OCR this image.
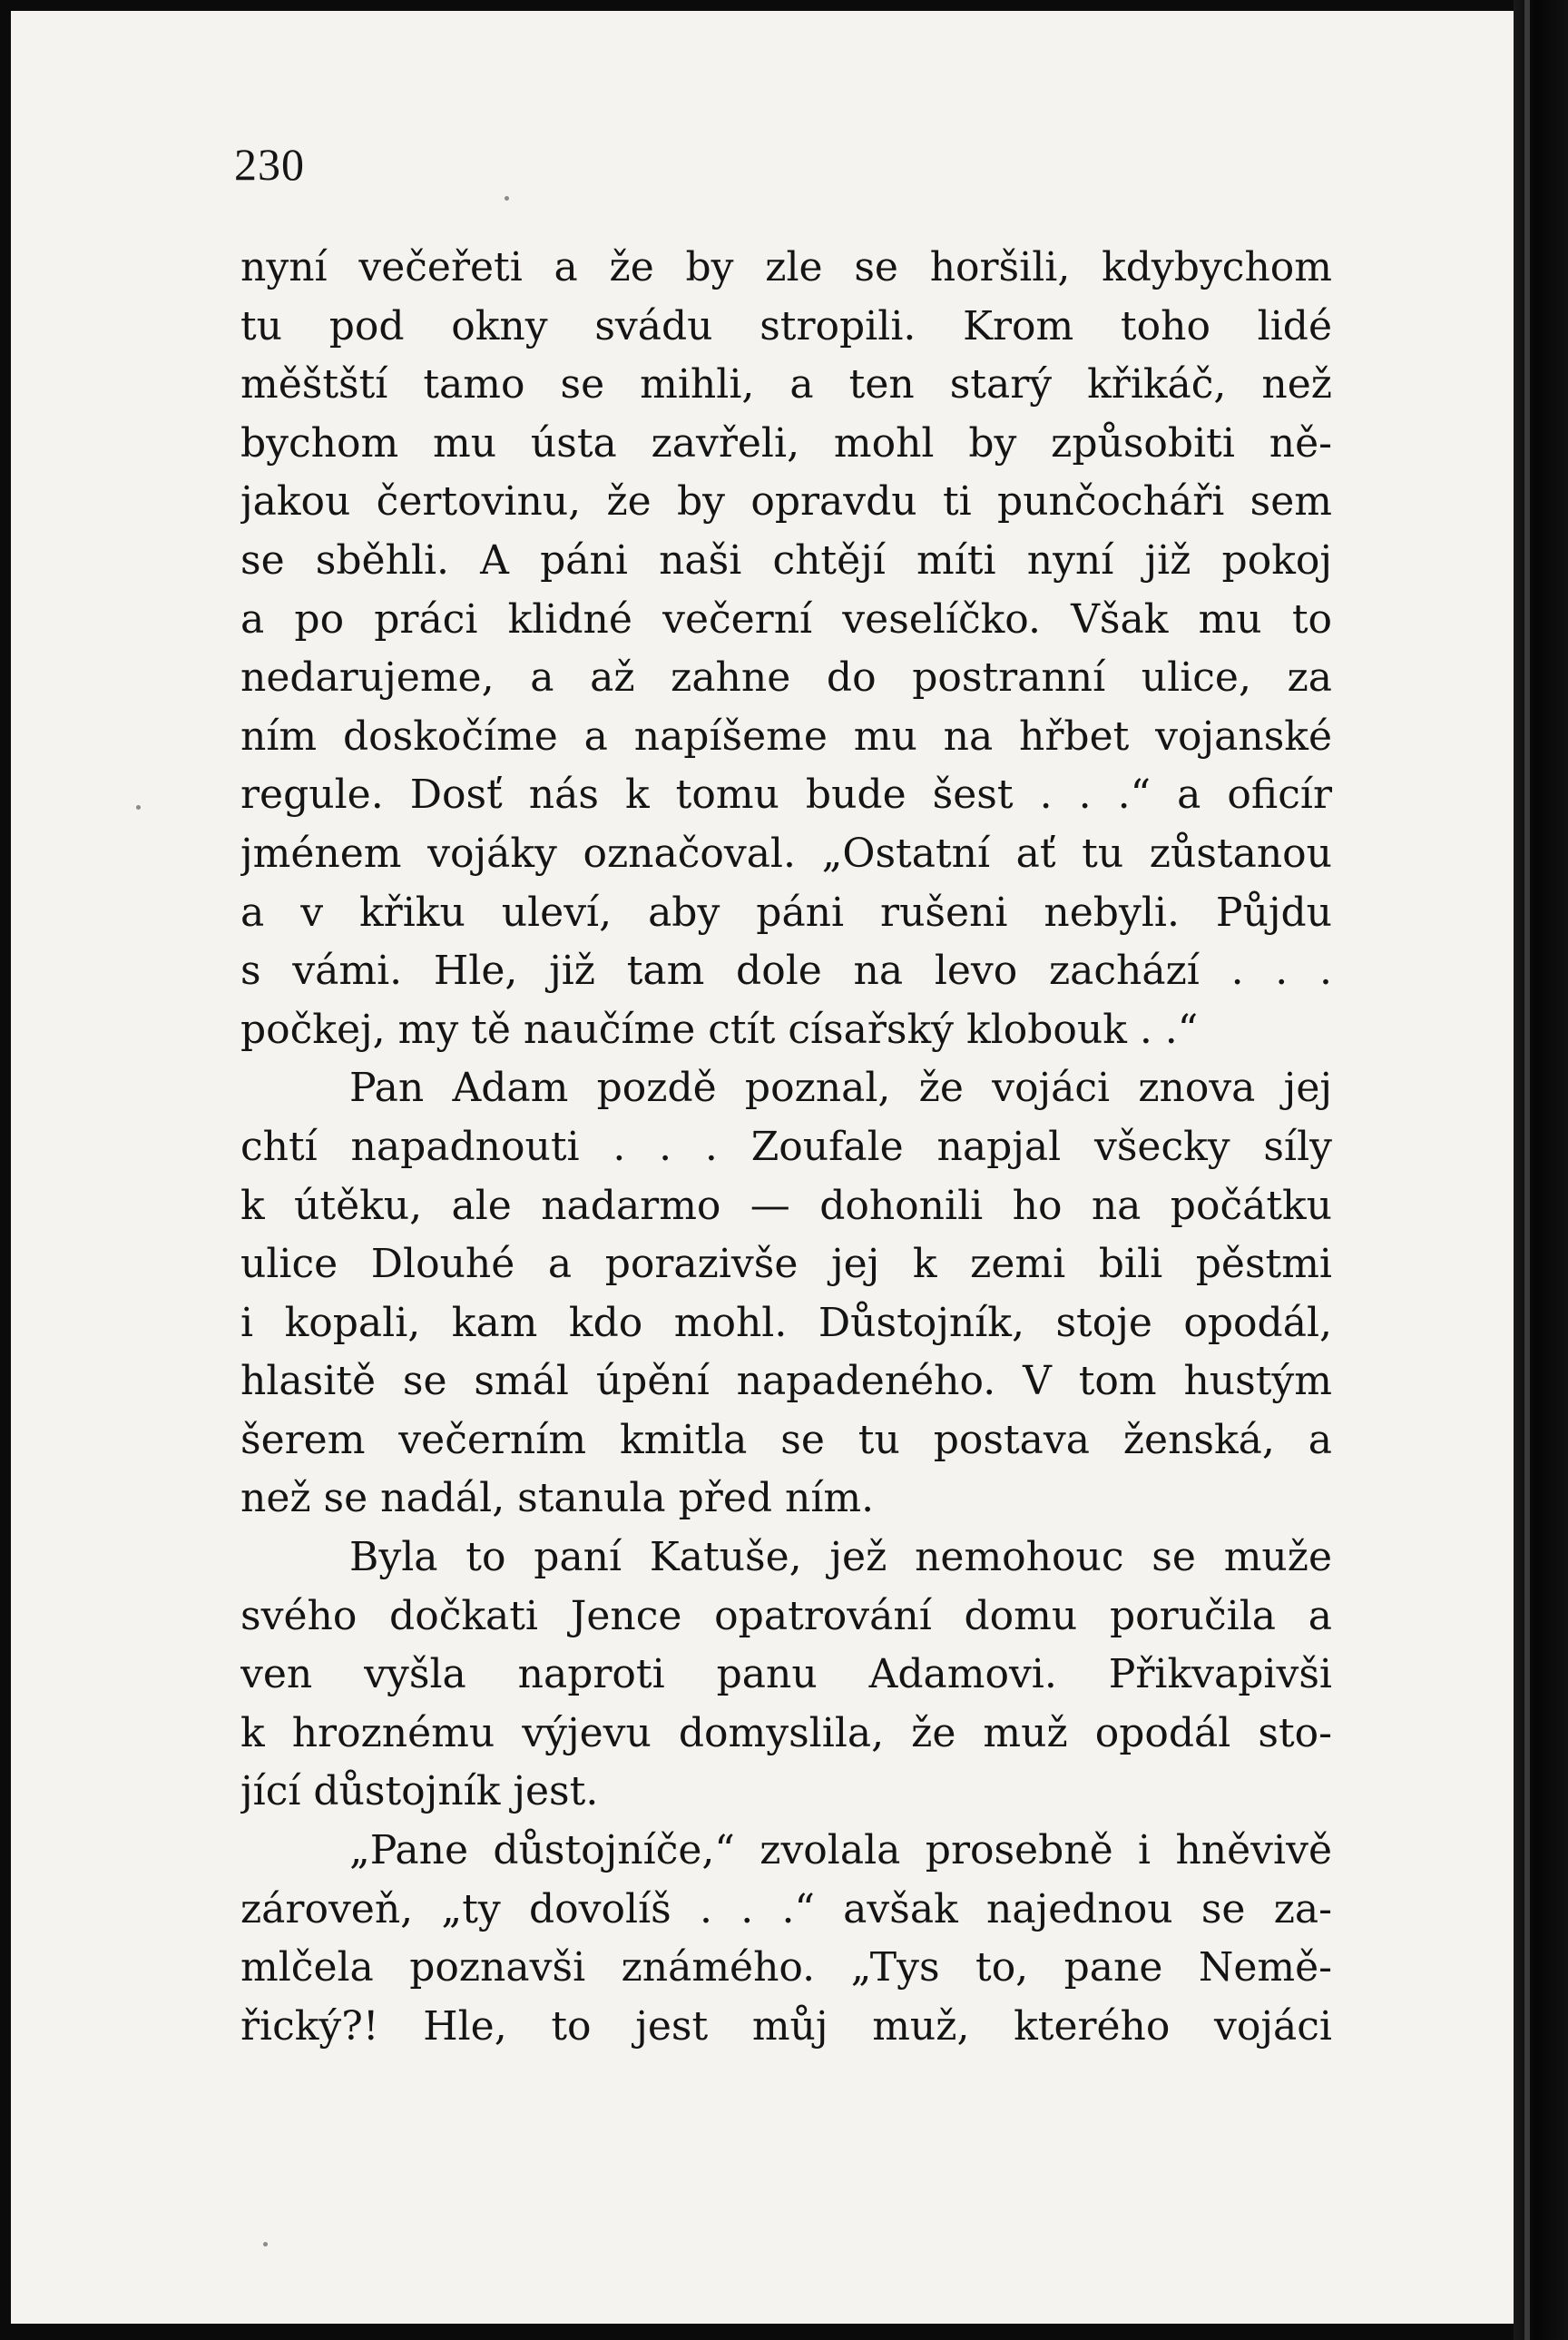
230
nyní večeřeti a že by zle se horšili, kdybychom
tu pod okny svádu stropili. Krom toho lidé
měštští tamo se mihli, a ten starý křikáč, než
bychom mu ústa zavřeli, mohl by způsobiti ně-
jakou čertovinu, že by opravdu ti punčocháři sem
se sběhli. A páni naši chtějí míti nyní již pokoj
a po práci klidné večerní veselíčko. Však mu to
nedarujeme, a až zahne do postranní ulice, za
ním doskočíme a napíšeme mu na hřbet vojanské
regule. Dosť nás k tomu bude šest . . .“ a oficír
jménem vojáky označoval. „Ostatní ať tu zůstanou
a v křiku uleví, aby páni rušeni nebyli. Půjdu
s vámi. Hle, již tam dole na levo zachází . . .
počkej, my tě naučíme ctít císařský klobouk . .“
Pan Adam pozdě poznal, že vojáci znova jej
chtí napadnouti . . . Zoufale napjal všecky síly
k útěku, ale nadarmo — dohonili ho na počátku
ulice Dlouhé a porazivše jej k zemi bili pěstmi
i kopali, kam kdo mohl. Důstojník, stoje opodál,
hlasitě se smál úpění napadeného. V tom hustým
šerem večerním kmitla se tu postava ženská, a
než se nadál, stanula před ním.
Byla to paní Katuše, jež nemohouc se muže
svého dočkati Jence opatrování domu poručila a
ven vyšla naproti panu Adamovi. Přikvapivši
k hroznému výjevu domyslila, že muž opodál sto-
jící důstojník jest.
„Pane důstojníče,“ zvolala prosebně i hněvivě
zároveň, „ty dovolíš . . .“ avšak najednou se za-
mlčela poznavši známého. „Tys to, pane Nemě-
řický?! Hle, to jest můj muž, kterého vojáci
